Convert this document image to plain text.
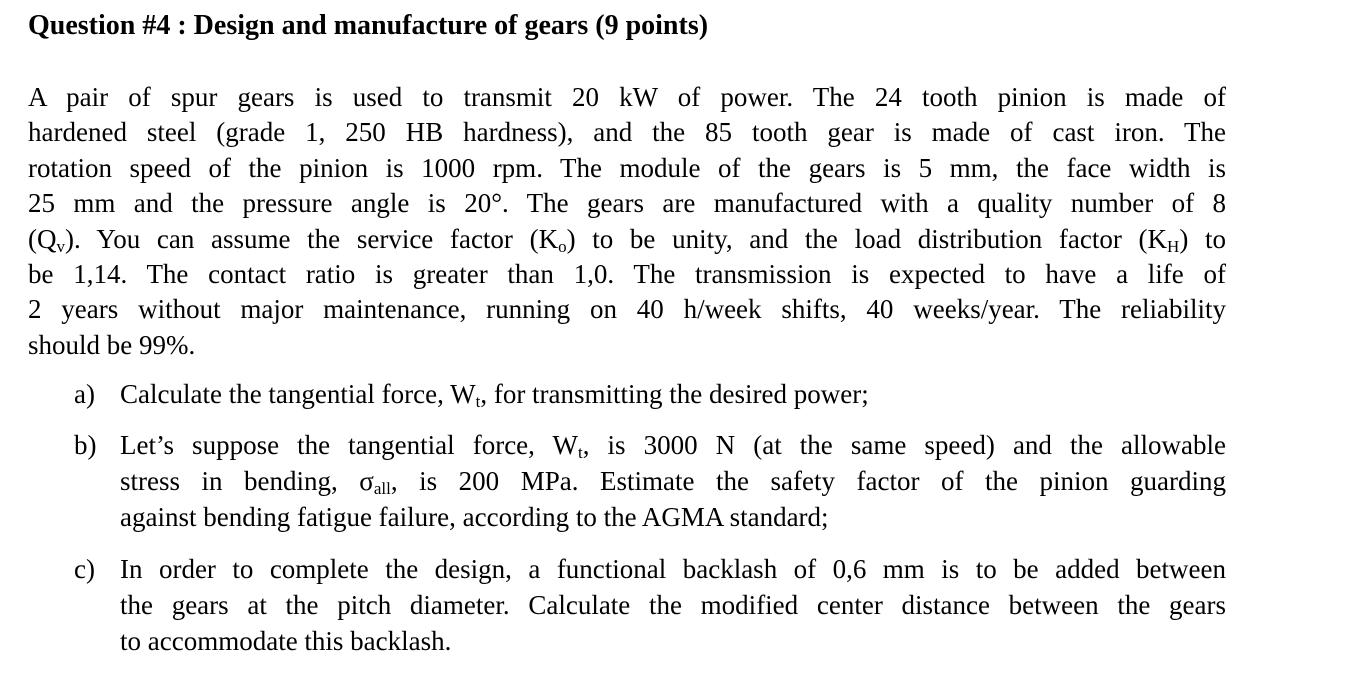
Question #4 : Design and manufacture of gears (9 points)
A pair of spur gears is used to transmit 20 kW of power. The 24 tooth pinion is made of
hardened steel (grade 1, 250 HB hardness), and the 85 tooth gear is made of cast iron. The
rotation speed of the pinion is 1000 rpm. The module of the gears is 5 mm, the face width is
25 mm and the pressure angle is 20°. The gears are manufactured with a quality number of 8
$(Q_v)$. You can assume the service factor $(K_o)$ to be unity, and the load distribution factor $(K_H)$ to
be 1,14. The contact ratio is greater than 1,0. The transmission is expected to have a life of
2 years without major maintenance, running on 40 h/week shifts, 40 weeks/year. The reliability
should be 99%.
a) Calculate the tangential force, $W_t$, for transmitting the desired power;
b) Let’s suppose the tangential force, $W_t$, is 3000 N (at the same speed) and the allowable
stress in bending, $\sigma_{all}$, is 200 MPa. Estimate the safety factor of the pinion guarding
against bending fatigue failure, according to the AGMA standard;
c) In order to complete the design, a functional backlash of 0,6 mm is to be added between
the gears at the pitch diameter. Calculate the modified center distance between the gears
to accommodate this backlash.
